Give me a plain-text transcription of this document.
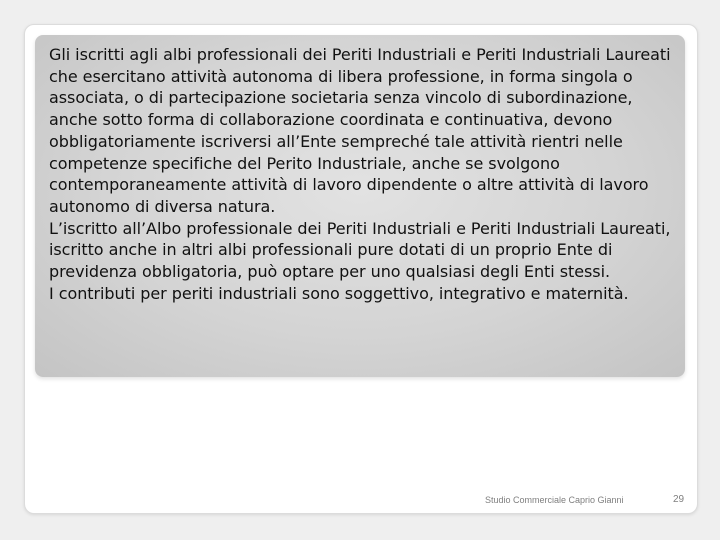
Gli iscritti agli albi professionali dei Periti Industriali e Periti Industriali Laureati che esercitano attività autonoma di libera professione, in forma singola o associata, o di partecipazione societaria senza vincolo di subordinazione, anche sotto forma di collaborazione coordinata e continuativa, devono obbligatoriamente iscriversi all’Ente sempreché tale attività rientri nelle competenze specifiche del Perito Industriale, anche se svolgono contemporaneamente attività di lavoro dipendente o altre attività di lavoro autonomo di diversa natura.
L’iscritto all’Albo professionale dei Periti Industriali e Periti Industriali Laureati, iscritto anche in altri albi professionali pure dotati di un proprio Ente di previdenza obbligatoria, può optare per uno qualsiasi degli Enti stessi.
I contributi per periti industriali sono soggettivo, integrativo e maternità.
Studio Commerciale Caprio Gianni	29
